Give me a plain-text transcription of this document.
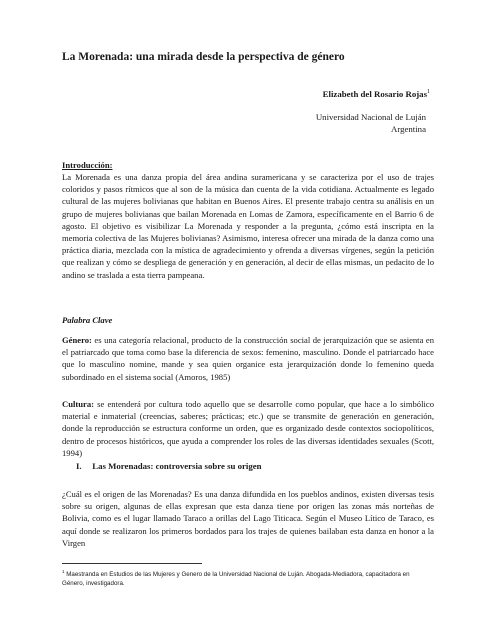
La Morenada: una mirada desde la perspectiva de género
Elizabeth del Rosario Rojas$^1$
Universidad Nacional de Luján
Argentina
Introducción:
La Morenada es una danza propia del área andina suramericana y se caracteriza por el uso de trajes coloridos y pasos rítmicos que al son de la música dan cuenta de la vida cotidiana. Actualmente es legado cultural de las mujeres bolivianas que habitan en Buenos Aires. El presente trabajo centra su análisis en un grupo de mujeres bolivianas que bailan Morenada en Lomas de Zamora, específicamente en el Barrio 6 de agosto. El objetivo es visibilizar La Morenada y responder a la pregunta, ¿cómo está inscripta en la memoria colectiva de las Mujeres bolivianas? Asimismo, interesa ofrecer una mirada de la danza como una práctica diaria, mezclada con la mística de agradecimiento y ofrenda a diversas vírgenes, según la petición que realizan y cómo se despliega de generación y en generación, al decir de ellas mismas, un pedacito de lo andino se traslada a esta tierra pampeana.
Palabra Clave
Género: es una categoría relacional, producto de la construcción social de jerarquización que se asienta en el patriarcado que toma como base la diferencia de sexos: femenino, masculino. Donde el patriarcado hace que lo masculino nomine, mande y sea quien organice esta jerarquización donde lo femenino queda subordinado en el sistema social (Amoros, 1985)
Cultura: se entenderá por cultura todo aquello que se desarrolle como popular, que hace a lo simbólico material e inmaterial (creencias, saberes; prácticas; etc.) que se transmite de generación en generación, donde la reproducción se estructura conforme un orden, que es organizado desde contextos sociopolíticos, dentro de procesos históricos, que ayuda a comprender los roles de las diversas identidades sexuales (Scott, 1994)
I. Las Morenadas: controversia sobre su origen
¿Cuál es el origen de las Morenadas? Es una danza difundida en los pueblos andinos, existen diversas tesis sobre su origen, algunas de ellas expresan que esta danza tiene por origen las zonas más norteñas de Bolivia, como es el lugar llamado Taraco a orillas del Lago Titicaca. Según el Museo Lítico de Taraco, es aquí donde se realizaron los primeros bordados para los trajes de quienes bailaban esta danza en honor a la Virgen
$^1$ Maestranda en Estudios de las Mujeres y Genero de la Universidad Nacional de Luján. Abogada-Mediadora, capacitadora en Género, investigadora.
